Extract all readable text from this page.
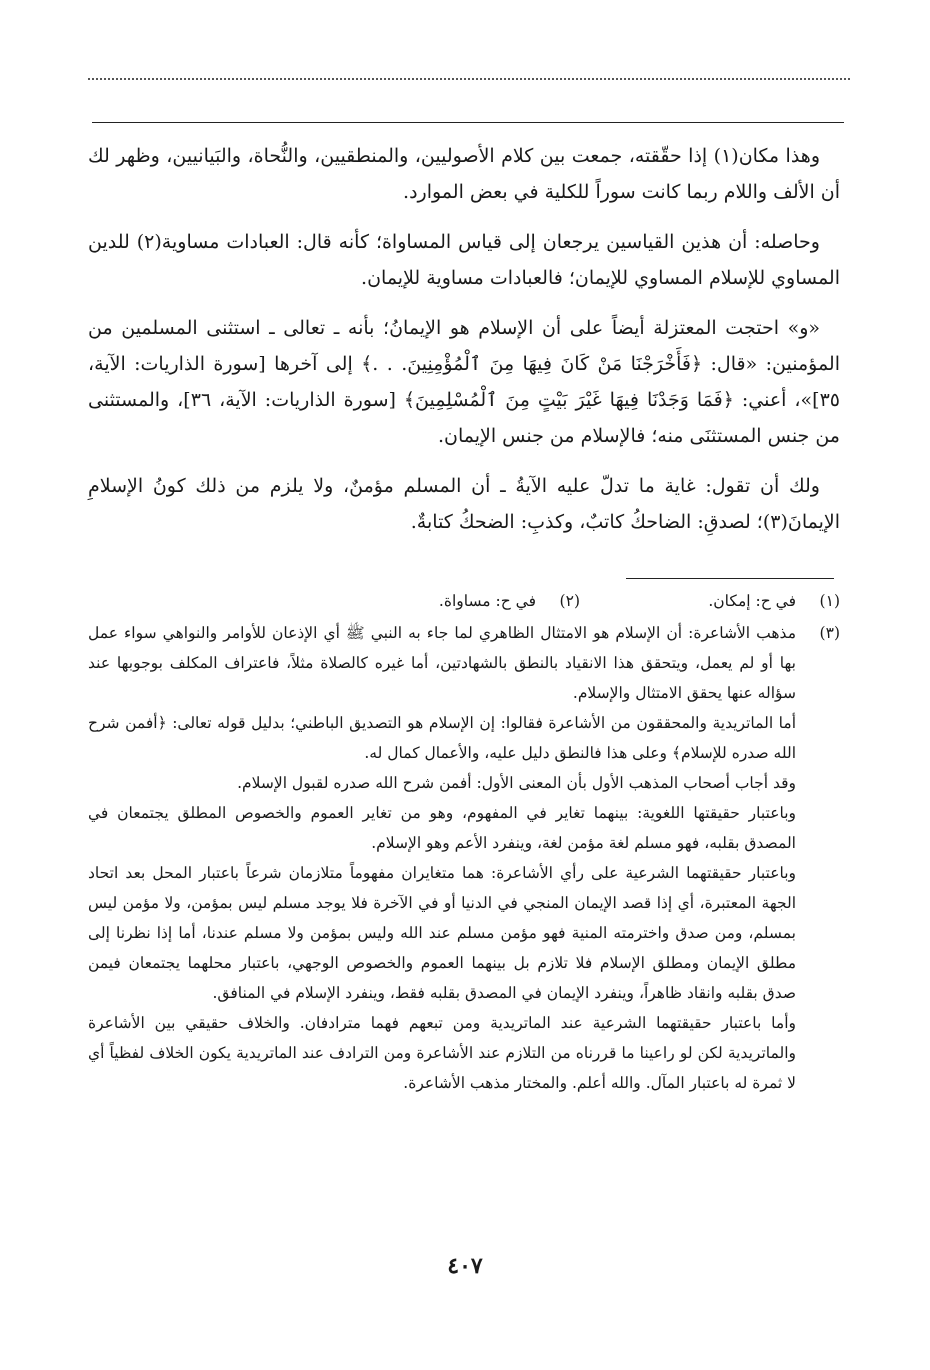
وهذا مكان(١) إذا حقّقته، جمعت بين كلام الأصوليين، والمنطقيين، والنُّحاة، والبَيانيين، وظهر لك أن الألف واللام ربما كانت سوراً للكلية في بعض الموارد.

وحاصله: أن هذين القياسين يرجعان إلى قياس المساواة؛ كأنه قال: العبادات مساوية(٢) للدين المساوي للإسلام المساوي للإيمان؛ فالعبادات مساوية للإيمان.

«و» احتجت المعتزلة أيضاً على أن الإسلام هو الإيمانُ؛ بأنه ـ تعالى ـ استثنى المسلمين من المؤمنين: «قال: ﴿فَأَخْرَجْنَا مَنْ كَانَ فِيهَا مِنَ ٱلْمُؤْمِنِينَ. . .﴾ إلى آخرها [سورة الذاريات: الآية، ٣٥]»، أعني: ﴿فَمَا وَجَدْنَا فِيهَا غَيْرَ بَيْتٍ مِنَ ٱلْمُسْلِمِينَ﴾ [سورة الذاريات: الآية، ٣٦]، والمستثنى من جنس المستثنَى منه؛ فالإسلام من جنس الإيمان.

ولك أن تقول: غاية ما تدلّ عليه الآيةُ ـ أن المسلم مؤمنٌ، ولا يلزم من ذلك كونُ الإسلامِ الإيمانَ(٣)؛ لصدقِ: الضاحكُ كاتبٌ، وكذبِ: الضحكُ كتابةٌ.

(١)
في ح: إمكان.
(٢)
في ح: مساواة.
(٣)

مذهب الأشاعرة: أن الإسلام هو الامتثال الظاهري لما جاء به النبي ﷺ أي الإذعان للأوامر والنواهي سواء عمل بها أو لم يعمل، ويتحقق هذا الانقياد بالنطق بالشهادتين، أما غيره كالصلاة مثلاً، فاعتراف المكلف بوجوبها عند سؤاله عنها يحقق الامتثال والإسلام.

أما الماتريدية والمحققون من الأشاعرة فقالوا: إن الإسلام هو التصديق الباطني؛ بدليل قوله تعالى: ﴿أفمن شرح الله صدره للإسلام﴾ وعلى هذا فالنطق دليل عليه، والأعمال كمال له.

وقد أجاب أصحاب المذهب الأول بأن المعنى الأول: أفمن شرح الله صدره لقبول الإسلام.

وباعتبار حقيقتها اللغوية: بينهما تغاير في المفهوم، وهو من تغاير العموم والخصوص المطلق يجتمعان في المصدق بقلبه، فهو مسلم لغة مؤمن لغة، وينفرد الأعم وهو الإسلام.

وباعتبار حقيقتهما الشرعية على رأي الأشاعرة: هما متغايران مفهوماً متلازمان شرعاً باعتبار المحل بعد اتحاد الجهة المعتبرة، أي إذا قصد الإيمان المنجي في الدنيا أو في الآخرة فلا يوجد مسلم ليس بمؤمن، ولا مؤمن ليس بمسلم، ومن صدق واخترمته المنية فهو مؤمن مسلم عند الله وليس بمؤمن ولا مسلم عندنا، أما إذا نظرنا إلى مطلق الإيمان ومطلق الإسلام فلا تلازم بل بينهما العموم والخصوص الوجهي، باعتبار محلهما يجتمعان فيمن صدق بقلبه وانقاد ظاهراً، وينفرد الإيمان في المصدق بقلبه فقط، وينفرد الإسلام في المنافق.

وأما باعتبار حقيقتهما الشرعية عند الماتريدية ومن تبعهم فهما مترادفان. والخلاف حقيقي بين الأشاعرة والماتريدية لكن لو راعينا ما قررناه من التلازم عند الأشاعرة ومن الترادف عند الماتريدية يكون الخلاف لفظياً أي لا ثمرة له باعتبار المآل. والله أعلم. والمختار مذهب الأشاعرة.

٤٠٧
